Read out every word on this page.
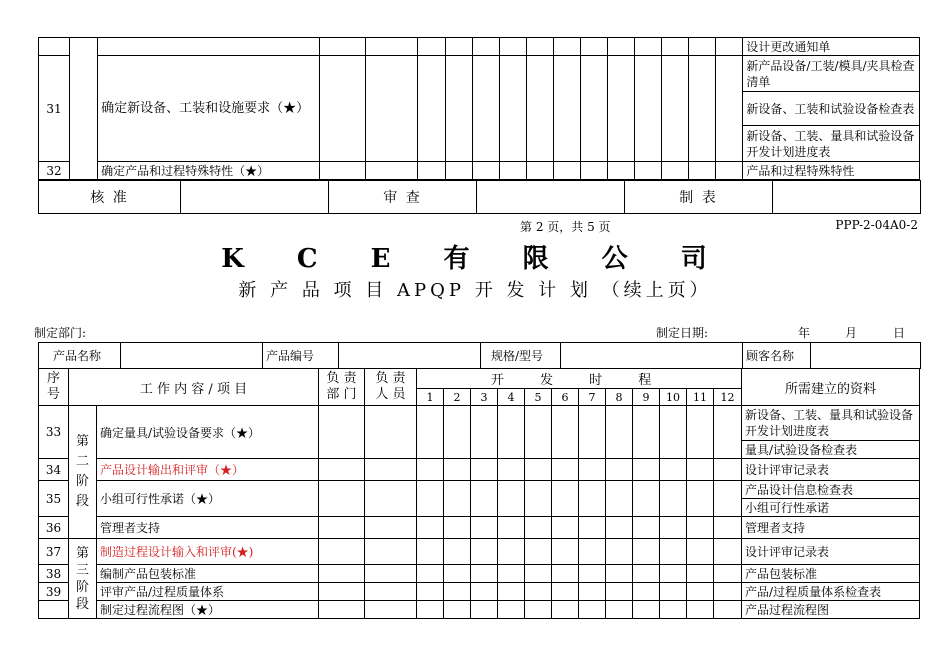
																	设计更改通知单
31		确定新设备、工装和设施要求（★）															新产品设备/工装/模具/夹具检查清单
																	新设备、工装和试验设备检查表
																	新设备、工装、量具和试验设备开发计划进度表
32		确定产品和过程特殊特性（★）															产品和过程特殊特性
核 准		审 查		制 表	
第 2 页，共 5 页	PPP-2-04A0-2
K C E 有 限 公 司
新 产 品 项 目 APQP 开 发 计 划 （续上页）
制定部门:	制定日期:	年	月	日
产品名称		产品编号		规格/型号		顾客名称	
序号	工 作 内 容 / 项 目		负 责 部 门	负 责 人 员	开 发 时 程												所需建立的资料
					1	2	3	4	5	6	7	8	9	10	11	12	
33	第二阶段	确定量具/试验设备要求（★）															新设备、工装、量具和试验设备开发计划进度表
																	量具/试验设备检查表
34		产品设计输出和评审（★）															设计评审记录表
35		小组可行性承诺（★）															产品设计信息检查表
																	小组可行性承诺
36		管理者支持															管理者支持
37	第三阶段	制造过程设计输入和评审(★)															设计评审记录表
38		编制产品包装标准															产品包装标准
39		评审产品/过程质量体系															产品/过程质量体系检查表
		制定过程流程图（★）															产品过程流程图
